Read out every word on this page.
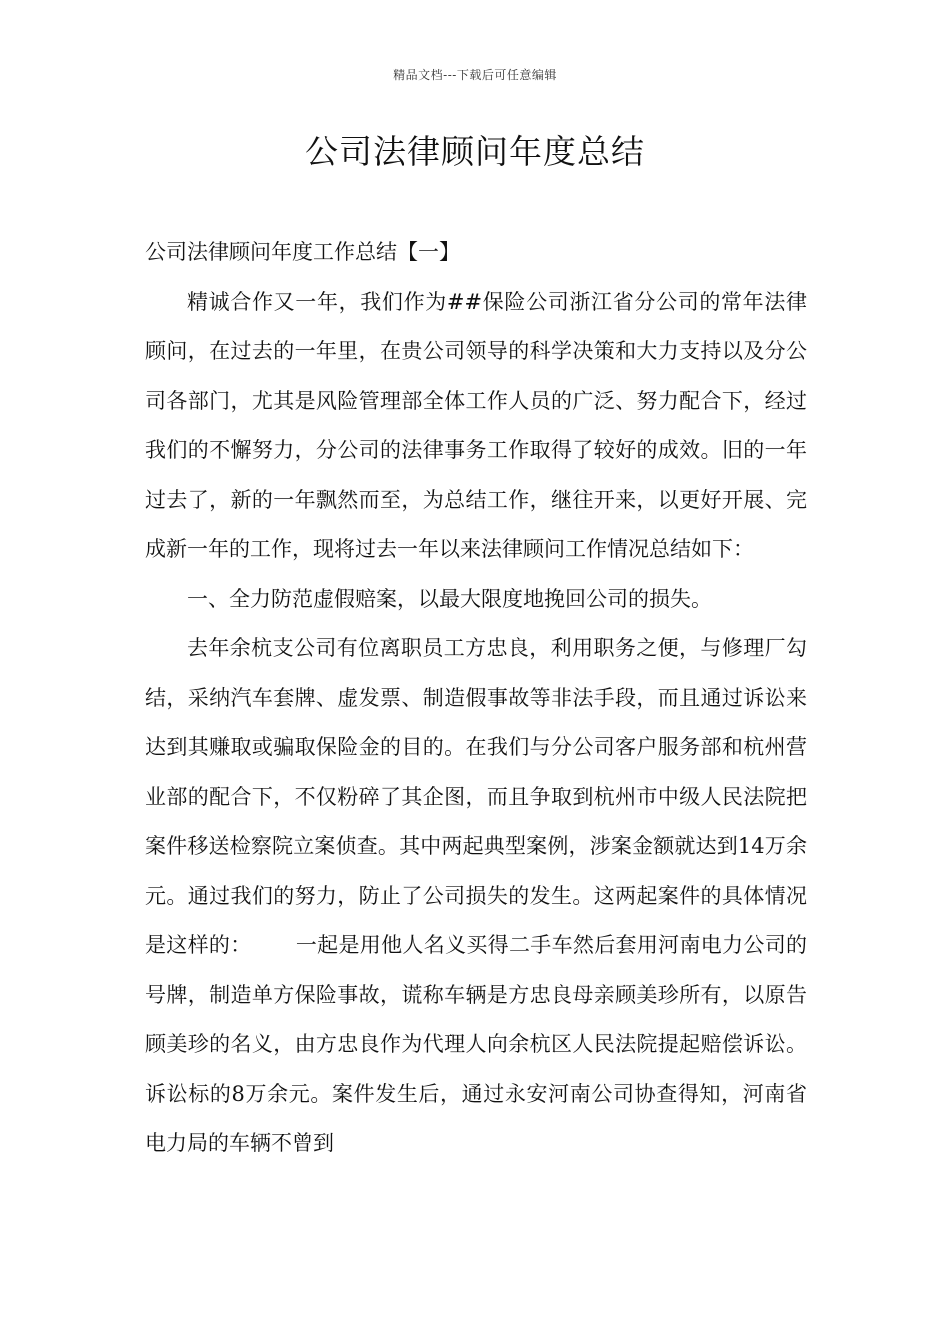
精品文档---下载后可任意编辑
公司法律顾问年度总结

公司法律顾问年度工作总结【一】

精诚合作又一年，我们作为##保险公司浙江省分公司的常年法律顾问，在过去的一年里，在贵公司领导的科学决策和大力支持以及分公司各部门，尤其是风险管理部全体工作人员的广泛、努力配合下，经过我们的不懈努力，分公司的法律事务工作取得了较好的成效。旧的一年过去了，新的一年飘然而至，为总结工作，继往开来，以更好开展、完成新一年的工作，现将过去一年以来法律顾问工作情况总结如下：

一、全力防范虚假赔案，以最大限度地挽回公司的损失。

去年余杭支公司有位离职员工方忠良，利用职务之便，与修理厂勾结，采纳汽车套牌、虚发票、制造假事故等非法手段，而且通过诉讼来达到其赚取或骗取保险金的目的。在我们与分公司客户服务部和杭州营业部的配合下，不仅粉碎了其企图，而且争取到杭州市中级人民法院把案件移送检察院立案侦查。其中两起典型案例，涉案金额就达到14万余元。通过我们的努力，防止了公司损失的发生。这两起案件的具体情况是这样的： 一起是用他人名义买得二手车然后套用河南电力公司的号牌，制造单方保险事故，谎称车辆是方忠良母亲顾美珍所有，以原告顾美珍的名义，由方忠良作为代理人向余杭区人民法院提起赔偿诉讼。诉讼标的8万余元。案件发生后，通过永安河南公司协查得知，河南省电力局的车辆不曾到
